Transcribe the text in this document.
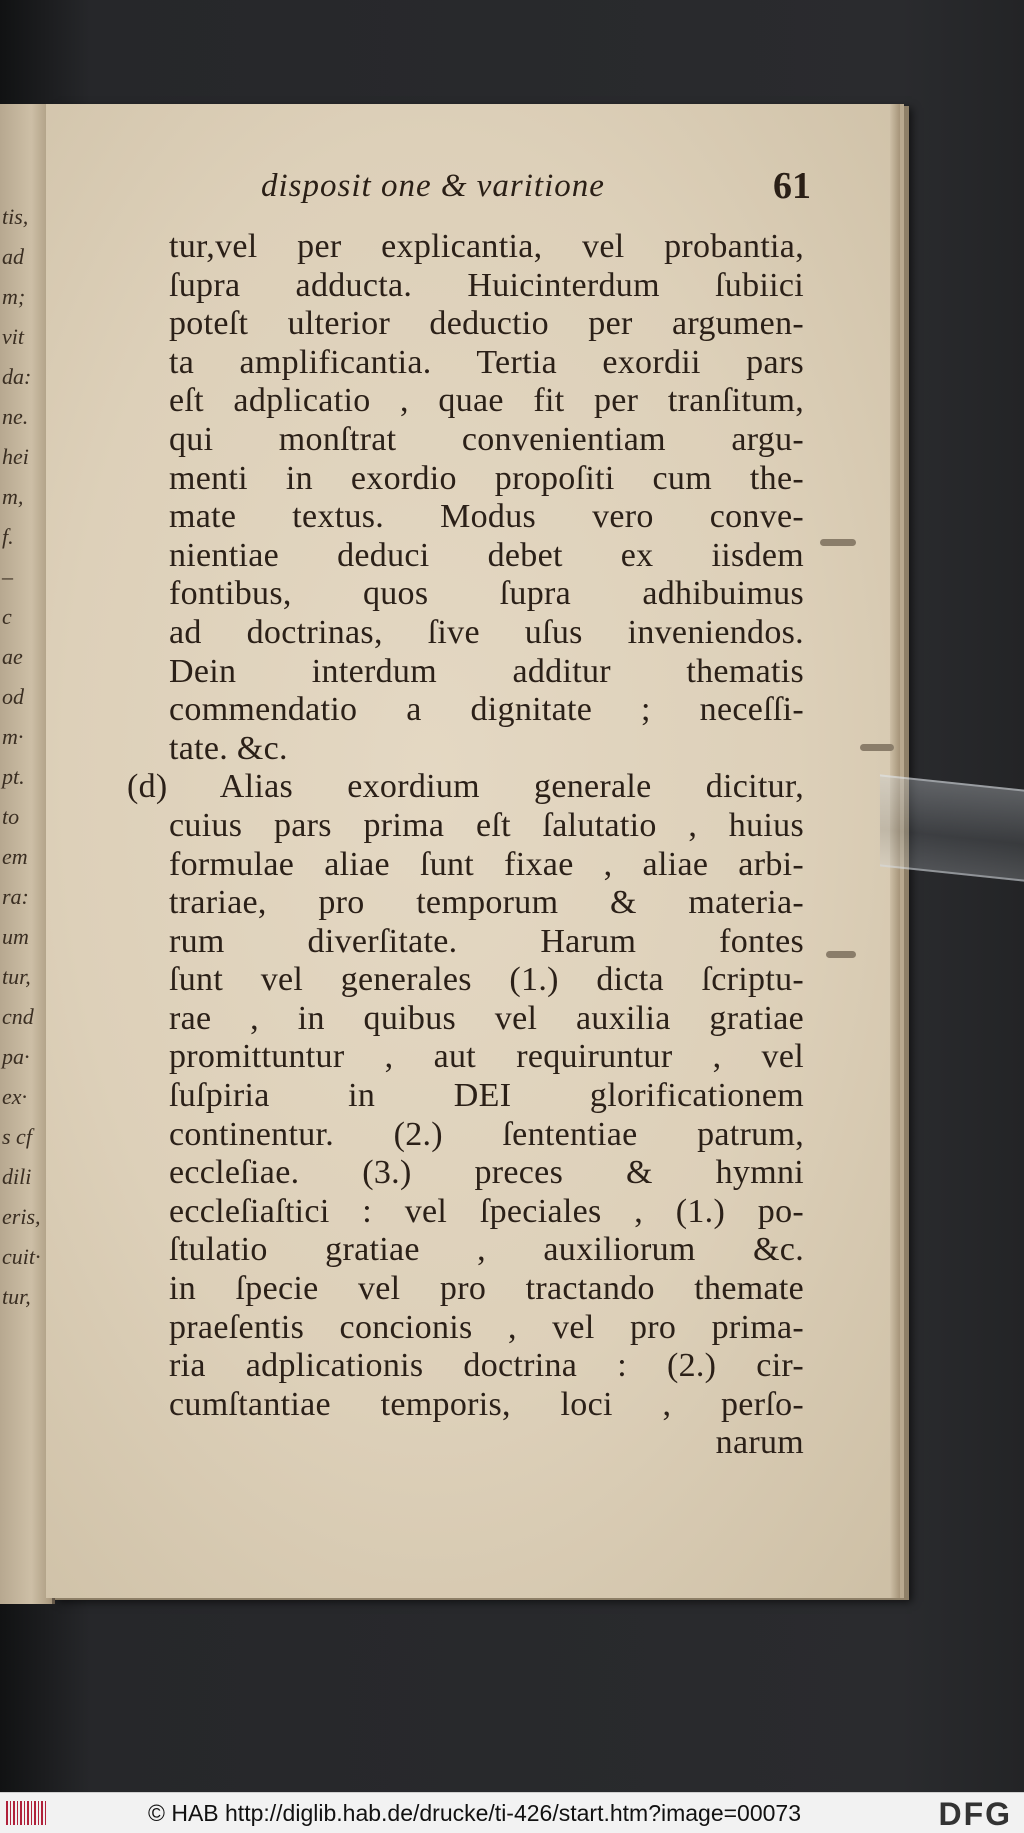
tis,
ad
m;
vit
da:
ne.
hei
m,
f.
–
c
ae
od
m·
pt.
to
em
ra:
um
tur,
cnd
pa·
ex·
s cf
dili
eris,
cuit·
tur,
disposit one & varitione	61
tur,vel per explicantia, vel probantia,
ſupra adducta. Huicinterdum ſubiici
poteſt ulterior deductio per argumen-
ta amplificantia. Tertia exordii pars
eſt adplicatio , quae fit per tranſitum,
qui monſtrat convenientiam argu-
menti in exordio propoſiti cum the-
mate textus. Modus vero conve-
nientiae deduci debet ex iisdem
fontibus, quos ſupra adhibuimus
ad doctrinas, ſive uſus inveniendos.
Dein interdum additur thematis
commendatio a dignitate ; neceſſi-
tate. &c.
(d) Alias exordium generale dicitur,
cuius pars prima eſt ſalutatio , huius
formulae aliae ſunt fixae , aliae arbi-
trariae, pro temporum & materia-
rum diverſitate. Harum fontes
ſunt vel generales (1.) dicta ſcriptu-
rae , in quibus vel auxilia gratiae
promittuntur , aut requiruntur , vel
ſuſpiria in DEI glorificationem
continentur. (2.) ſententiae patrum,
eccleſiae. (3.) preces & hymni
eccleſiaſtici : vel ſpeciales , (1.) po-
ſtulatio gratiae , auxiliorum &c.
in ſpecie vel pro tractando themate
praeſentis concionis , vel pro prima-
ria adplicationis doctrina : (2.) cir-
cumſtantiae temporis, loci , perſo-
narum
© HAB http://diglib.hab.de/drucke/ti-426/start.htm?image=00073	DFG
